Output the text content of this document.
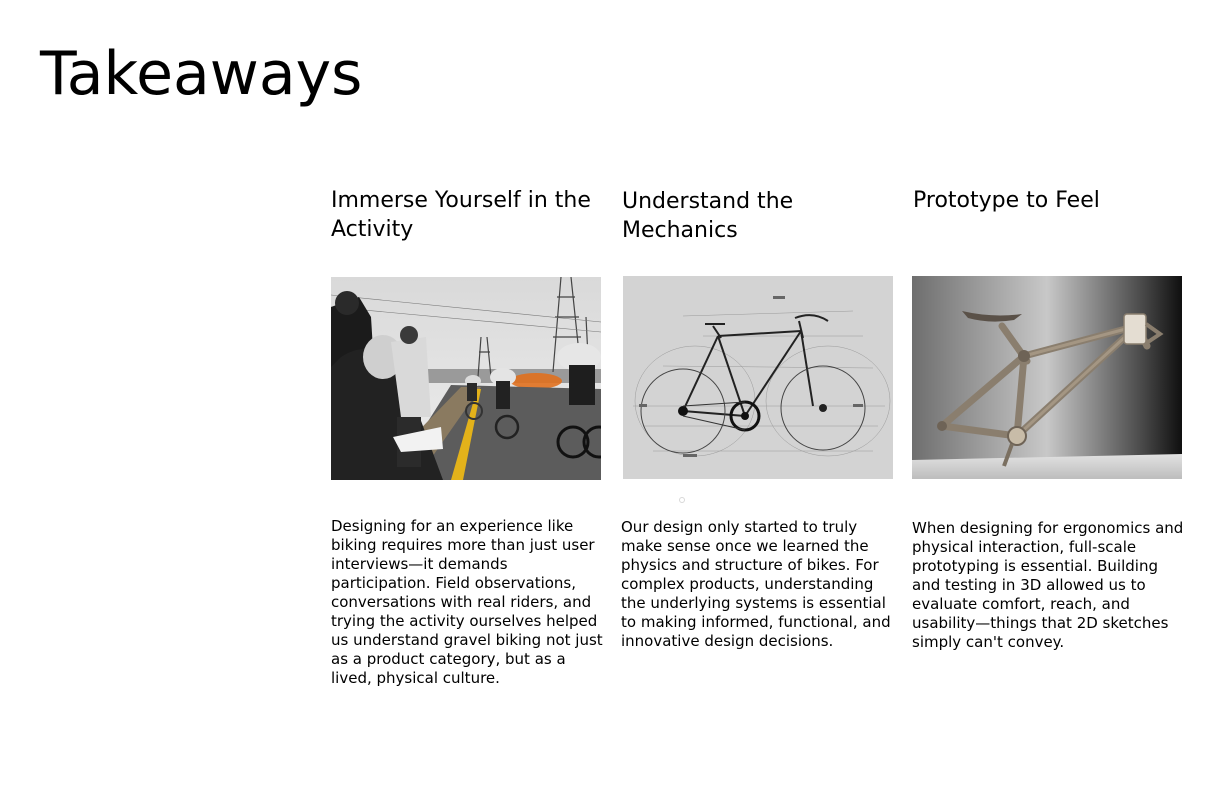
Takeaways
Immerse Yourself in the Activity

Designing for an experience like biking requires more than just user interviews—it demands participation. Field observations, conversations with real riders, and trying the activity ourselves helped us understand gravel biking not just as a product category, but as a lived, physical culture.

Understand the Mechanics

Our design only started to truly make sense once we learned the physics and structure of bikes. For complex products, understanding the underlying systems is essential to making informed, functional, and innovative design decisions.

Prototype to Feel

When designing for ergonomics and physical interaction, full-scale prototyping is essential. Building and testing in 3D allowed us to evaluate comfort, reach, and usability—things that 2D sketches simply can't convey.
